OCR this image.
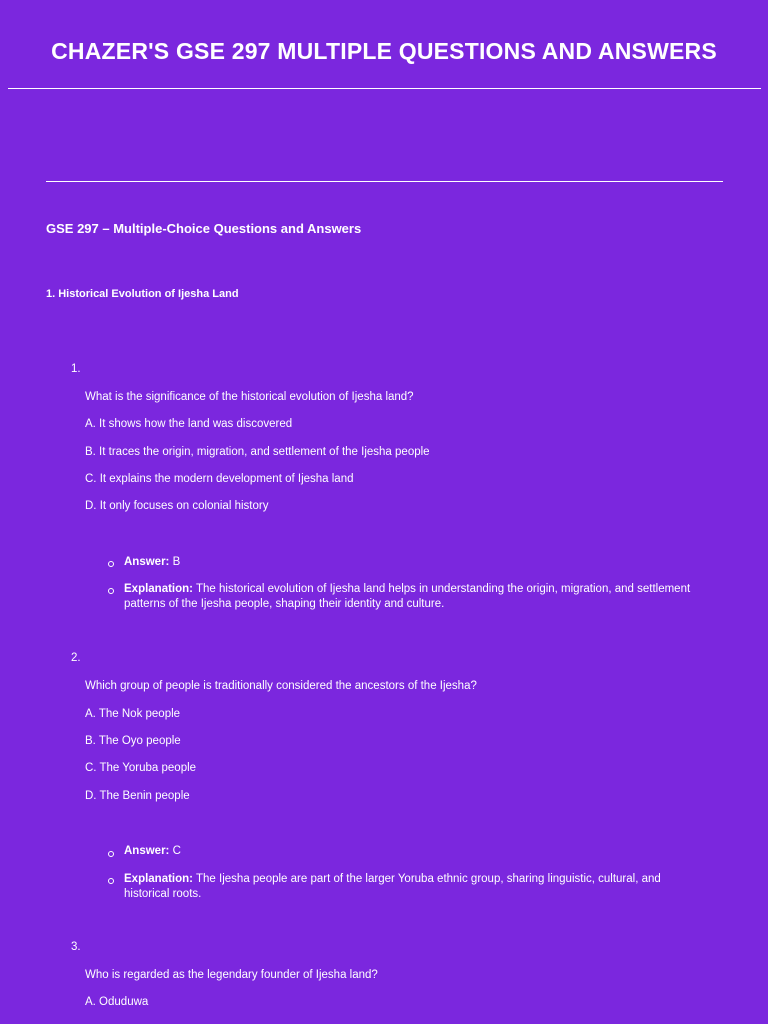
CHAZER'S GSE 297 MULTIPLE QUESTIONS AND ANSWERS
GSE 297 – Multiple-Choice Questions and Answers
1. Historical Evolution of Ijesha Land
1.
What is the significance of the historical evolution of Ijesha land?
A. It shows how the land was discovered
B. It traces the origin, migration, and settlement of the Ijesha people
C. It explains the modern development of Ijesha land
D. It only focuses on colonial history
Answer: B
Explanation: The historical evolution of Ijesha land helps in understanding the origin, migration, and settlement patterns of the Ijesha people, shaping their identity and culture.
2.
Which group of people is traditionally considered the ancestors of the Ijesha?
A. The Nok people
B. The Oyo people
C. The Yoruba people
D. The Benin people
Answer: C
Explanation: The Ijesha people are part of the larger Yoruba ethnic group, sharing linguistic, cultural, and historical roots.
3.
Who is regarded as the legendary founder of Ijesha land?
A. Oduduwa
